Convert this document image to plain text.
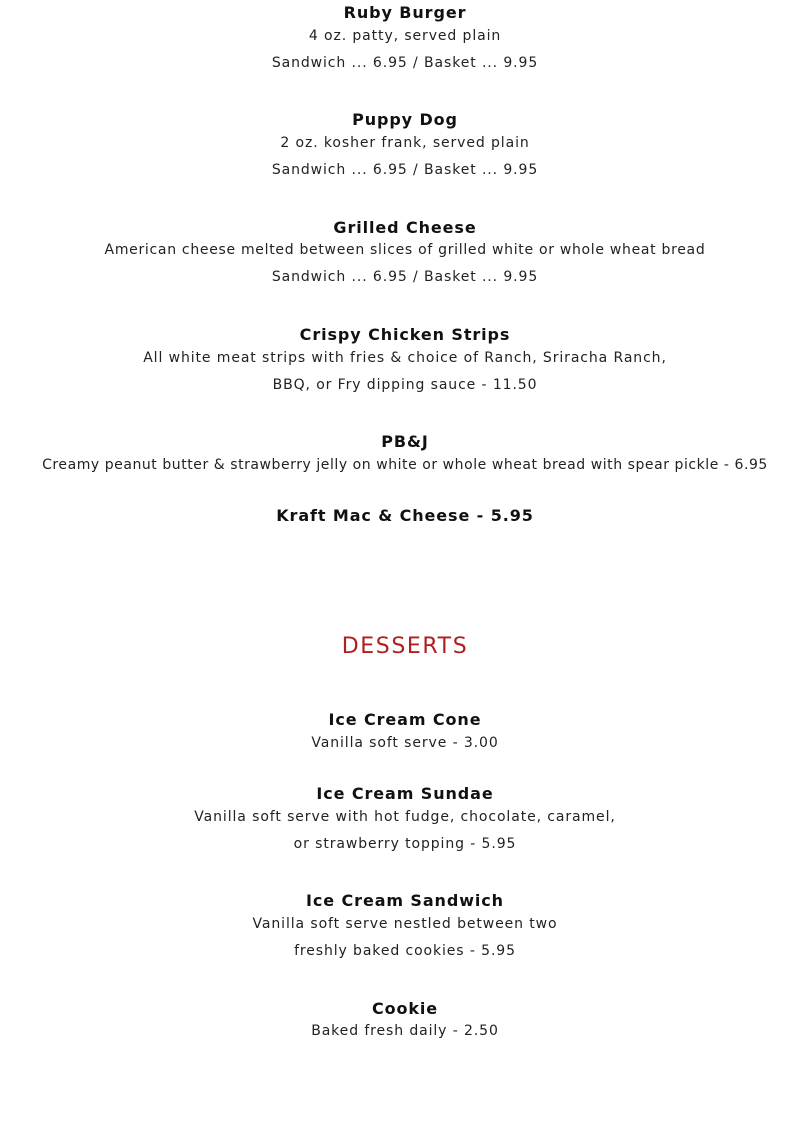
Ruby Burger

4 oz. patty, served plain

Sandwich ... 6.95 / Basket ... 9.95

Puppy Dog

2 oz. kosher frank, served plain

Sandwich ... 6.95 / Basket ... 9.95

Grilled Cheese

American cheese melted between slices of grilled white or whole wheat bread

Sandwich ... 6.95 / Basket ... 9.95

Crispy Chicken Strips

All white meat strips with fries & choice of Ranch, Sriracha Ranch,

BBQ, or Fry dipping sauce - 11.50

PB&J

Creamy peanut butter & strawberry jelly on white or whole wheat bread with spear pickle - 6.95

Kraft Mac & Cheese - 5.95

DESSERTS

Ice Cream Cone

Vanilla soft serve - 3.00

Ice Cream Sundae

Vanilla soft serve with hot fudge, chocolate, caramel,

or strawberry topping - 5.95

Ice Cream Sandwich

Vanilla soft serve nestled between two

freshly baked cookies - 5.95

Cookie

Baked fresh daily - 2.50
